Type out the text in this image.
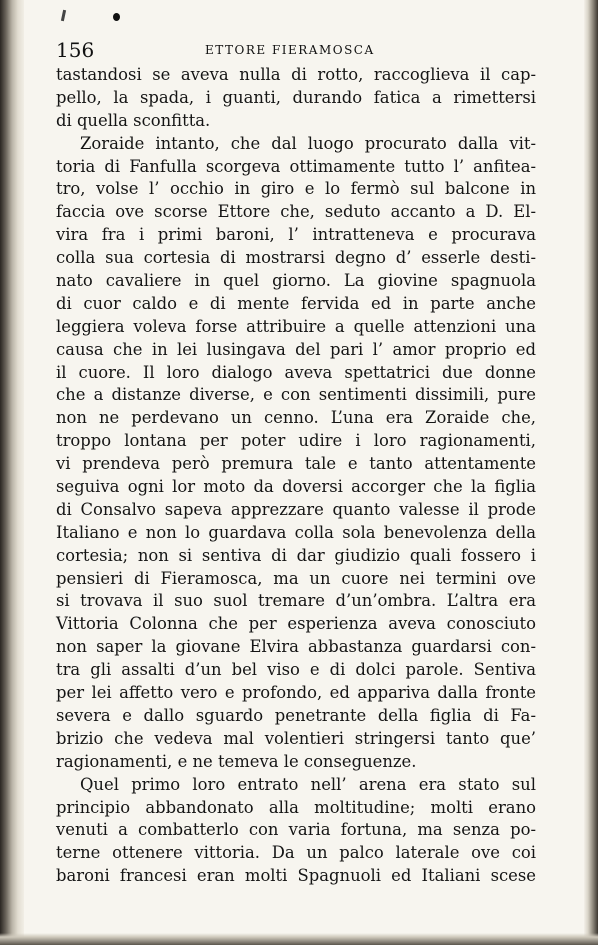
156	ETTORE FIERAMOSCA
tastandosi se aveva nulla di rotto, raccoglieva il cap-
pello, la spada, i guanti, durando fatica a rimettersi
di quella sconfitta.
Zoraide intanto, che dal luogo procurato dalla vit-
toria di Fanfulla scorgeva ottimamente tutto l’ anfitea-
tro, volse l’ occhio in giro e lo fermò sul balcone in
faccia ove scorse Ettore che, seduto accanto a D. El-
vira fra i primi baroni, l’ intratteneva e procurava
colla sua cortesia di mostrarsi degno d’ esserle desti-
nato cavaliere in quel giorno. La giovine spagnuola
di cuor caldo e di mente fervida ed in parte anche
leggiera voleva forse attribuire a quelle attenzioni una
causa che in lei lusingava del pari l’ amor proprio ed
il cuore. Il loro dialogo aveva spettatrici due donne
che a distanze diverse, e con sentimenti dissimili, pure
non ne perdevano un cenno. L’una era Zoraide che,
troppo lontana per poter udire i loro ragionamenti,
vi prendeva però premura tale e tanto attentamente
seguiva ogni lor moto da doversi accorger che la figlia
di Consalvo sapeva apprezzare quanto valesse il prode
Italiano e non lo guardava colla sola benevolenza della
cortesia; non si sentiva di dar giudizio quali fossero i
pensieri di Fieramosca, ma un cuore nei termini ove
si trovava il suo suol tremare d’un’ombra. L’altra era
Vittoria Colonna che per esperienza aveva conosciuto
non saper la giovane Elvira abbastanza guardarsi con-
tra gli assalti d’un bel viso e di dolci parole. Sentiva
per lei affetto vero e profondo, ed appariva dalla fronte
severa e dallo sguardo penetrante della figlia di Fa-
brizio che vedeva mal volentieri stringersi tanto que’
ragionamenti, e ne temeva le conseguenze.
Quel primo loro entrato nell’ arena era stato sul
principio abbandonato alla moltitudine; molti erano
venuti a combatterlo con varia fortuna, ma senza po-
terne ottenere vittoria. Da un palco laterale ove coi
baroni francesi eran molti Spagnuoli ed Italiani scese
